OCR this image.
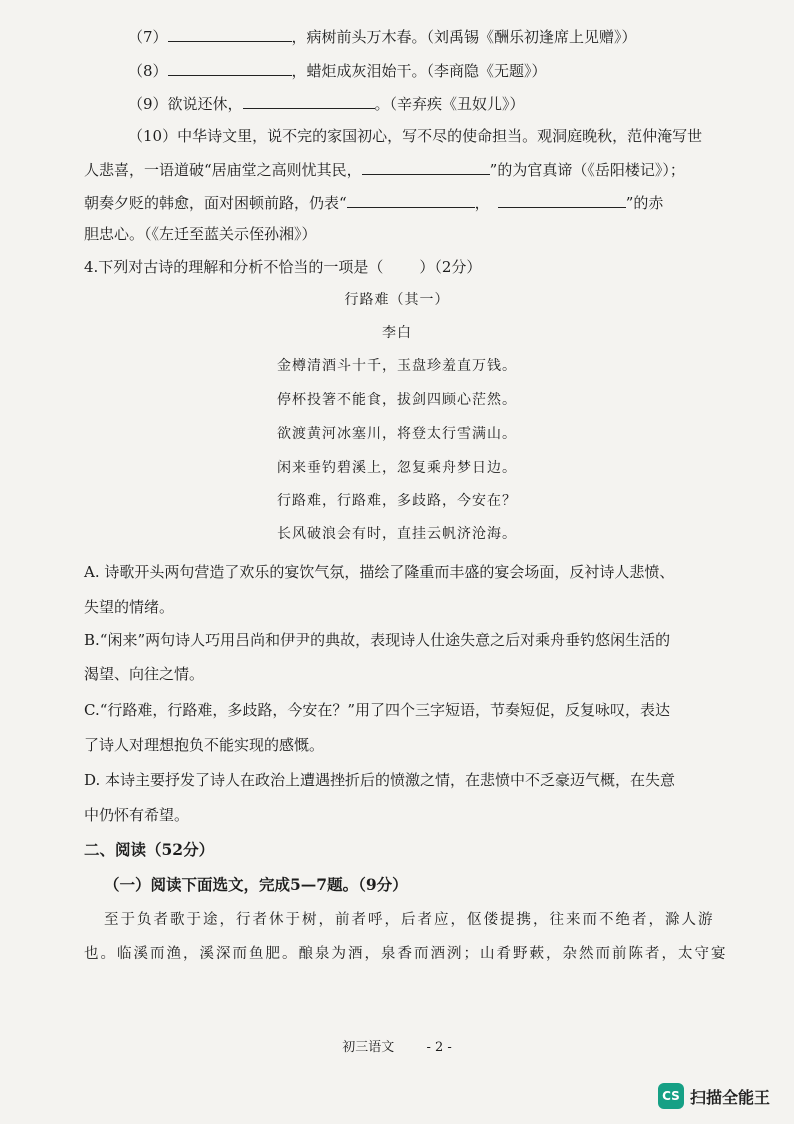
（7）	，病树前头万木春。（刘禹锡《酬乐初逢席上见赠》）
（8）	，蜡炬成灰泪始干。（李商隐《无题》）
（9）欲说还休，	。（辛弃疾《丑奴儿》）
（10）中华诗文里，说不完的家国初心，写不尽的使命担当。观洞庭晚秋，范仲淹写世
人悲喜，一语道破“居庙堂之高则忧其民，	”的为官真谛（《岳阳楼记》）；
朝奏夕贬的韩愈，面对困顿前路，仍表“	，	”的赤
胆忠心。（《左迁至蓝关示侄孙湘》）
4.下列对古诗的理解和分析不恰当的一项是（ ）（2分）
行路难（其一）
李白
金樽清酒斗十千，玉盘珍羞直万钱。
停杯投箸不能食，拔剑四顾心茫然。
欲渡黄河冰塞川，将登太行雪满山。
闲来垂钓碧溪上，忽复乘舟梦日边。
行路难，行路难，多歧路，今安在？
长风破浪会有时，直挂云帆济沧海。
A. 诗歌开头两句营造了欢乐的宴饮气氛，描绘了隆重而丰盛的宴会场面，反衬诗人悲愤、
失望的情绪。
B.“闲来”两句诗人巧用吕尚和伊尹的典故，表现诗人仕途失意之后对乘舟垂钓悠闲生活的
渴望、向往之情。
C.“行路难，行路难，多歧路，今安在？”用了四个三字短语，节奏短促，反复咏叹，表达
了诗人对理想抱负不能实现的感慨。
D. 本诗主要抒发了诗人在政治上遭遇挫折后的愤激之情，在悲愤中不乏豪迈气概，在失意
中仍怀有希望。
二、阅读（52分）
（一）阅读下面选文，完成5—7题。（9分）
至于负者歌于途，行者休于树，前者呼，后者应，伛偻提携，往来而不绝者，滁人游
也。临溪而渔，溪深而鱼肥。酿泉为酒，泉香而酒洌；山肴野蔌，杂然而前陈者，太守宴
初三语文 - 2 -
CS 扫描全能王
